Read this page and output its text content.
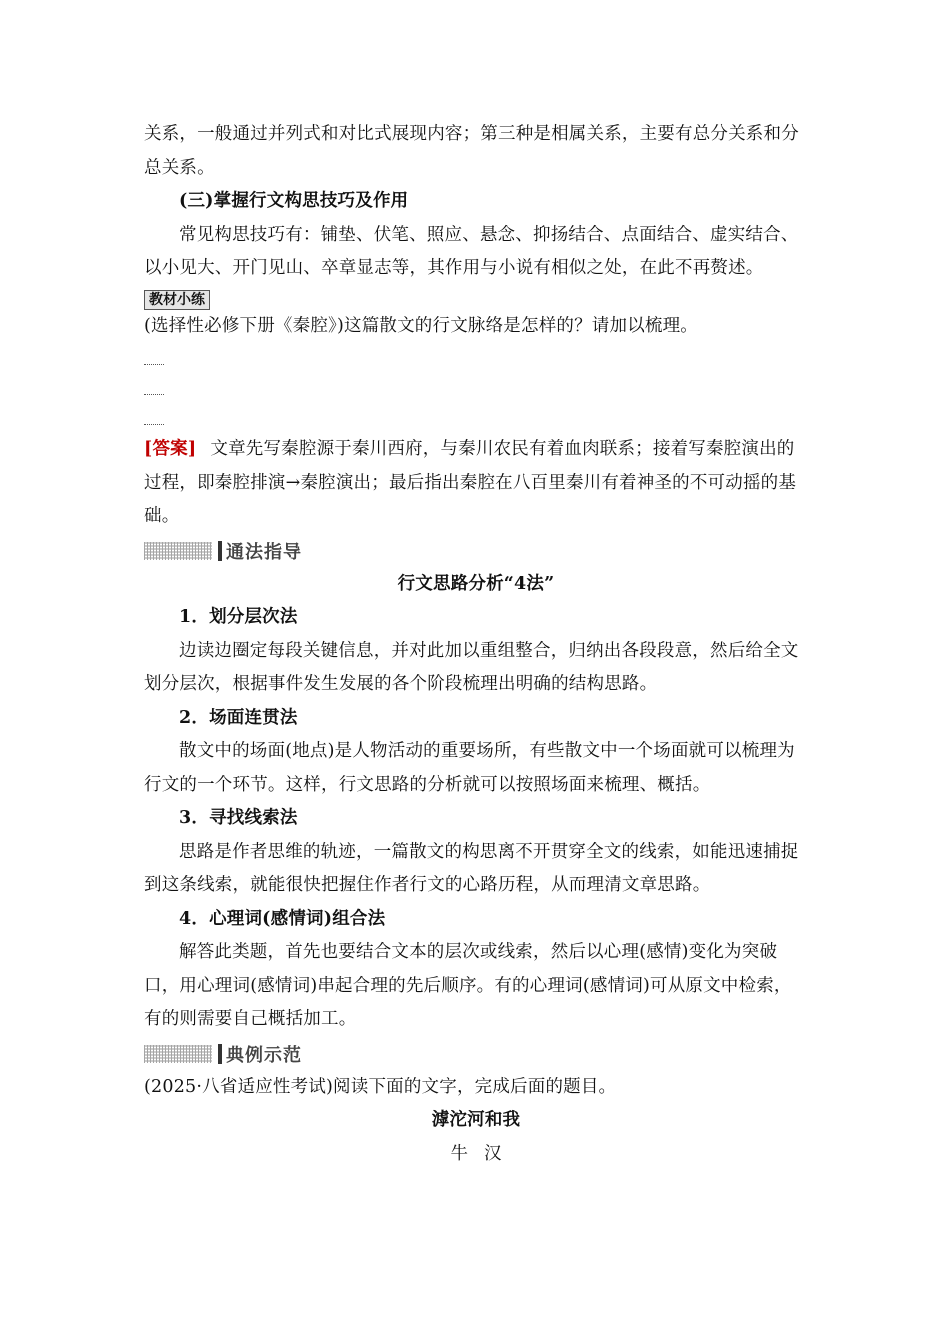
关系，一般通过并列式和对比式展现内容；第三种是相属关系，主要有总分关系和分总关系。

(三)掌握行文构思技巧及作用

常见构思技巧有：铺垫、伏笔、照应、悬念、抑扬结合、点面结合、虚实结合、以小见大、开门见山、卒章显志等，其作用与小说有相似之处，在此不再赘述。

教材小练

(选择性必修下册《秦腔》)这篇散文的行文脉络是怎样的？请加以梳理。

[答案] 文章先写秦腔源于秦川西府，与秦川农民有着血肉联系；接着写秦腔演出的过程，即秦腔排演→秦腔演出；最后指出秦腔在八百里秦川有着神圣的不可动摇的基础。

通法指导

行文思路分析“4法”

1．划分层次法

边读边圈定每段关键信息，并对此加以重组整合，归纳出各段段意，然后给全文划分层次，根据事件发生发展的各个阶段梳理出明确的结构思路。

2．场面连贯法

散文中的场面(地点)是人物活动的重要场所，有些散文中一个场面就可以梳理为行文的一个环节。这样，行文思路的分析就可以按照场面来梳理、概括。

3．寻找线索法

思路是作者思维的轨迹，一篇散文的构思离不开贯穿全文的线索，如能迅速捕捉到这条线索，就能很快把握住作者行文的心路历程，从而理清文章思路。

4．心理词(感情词)组合法

解答此类题，首先也要结合文本的层次或线索，然后以心理(感情)变化为突破口，用心理词(感情词)串起合理的先后顺序。有的心理词(感情词)可从原文中检索，有的则需要自己概括加工。

典例示范

(2025·八省适应性考试)阅读下面的文字，完成后面的题目。

滹沱河和我

牛汉
